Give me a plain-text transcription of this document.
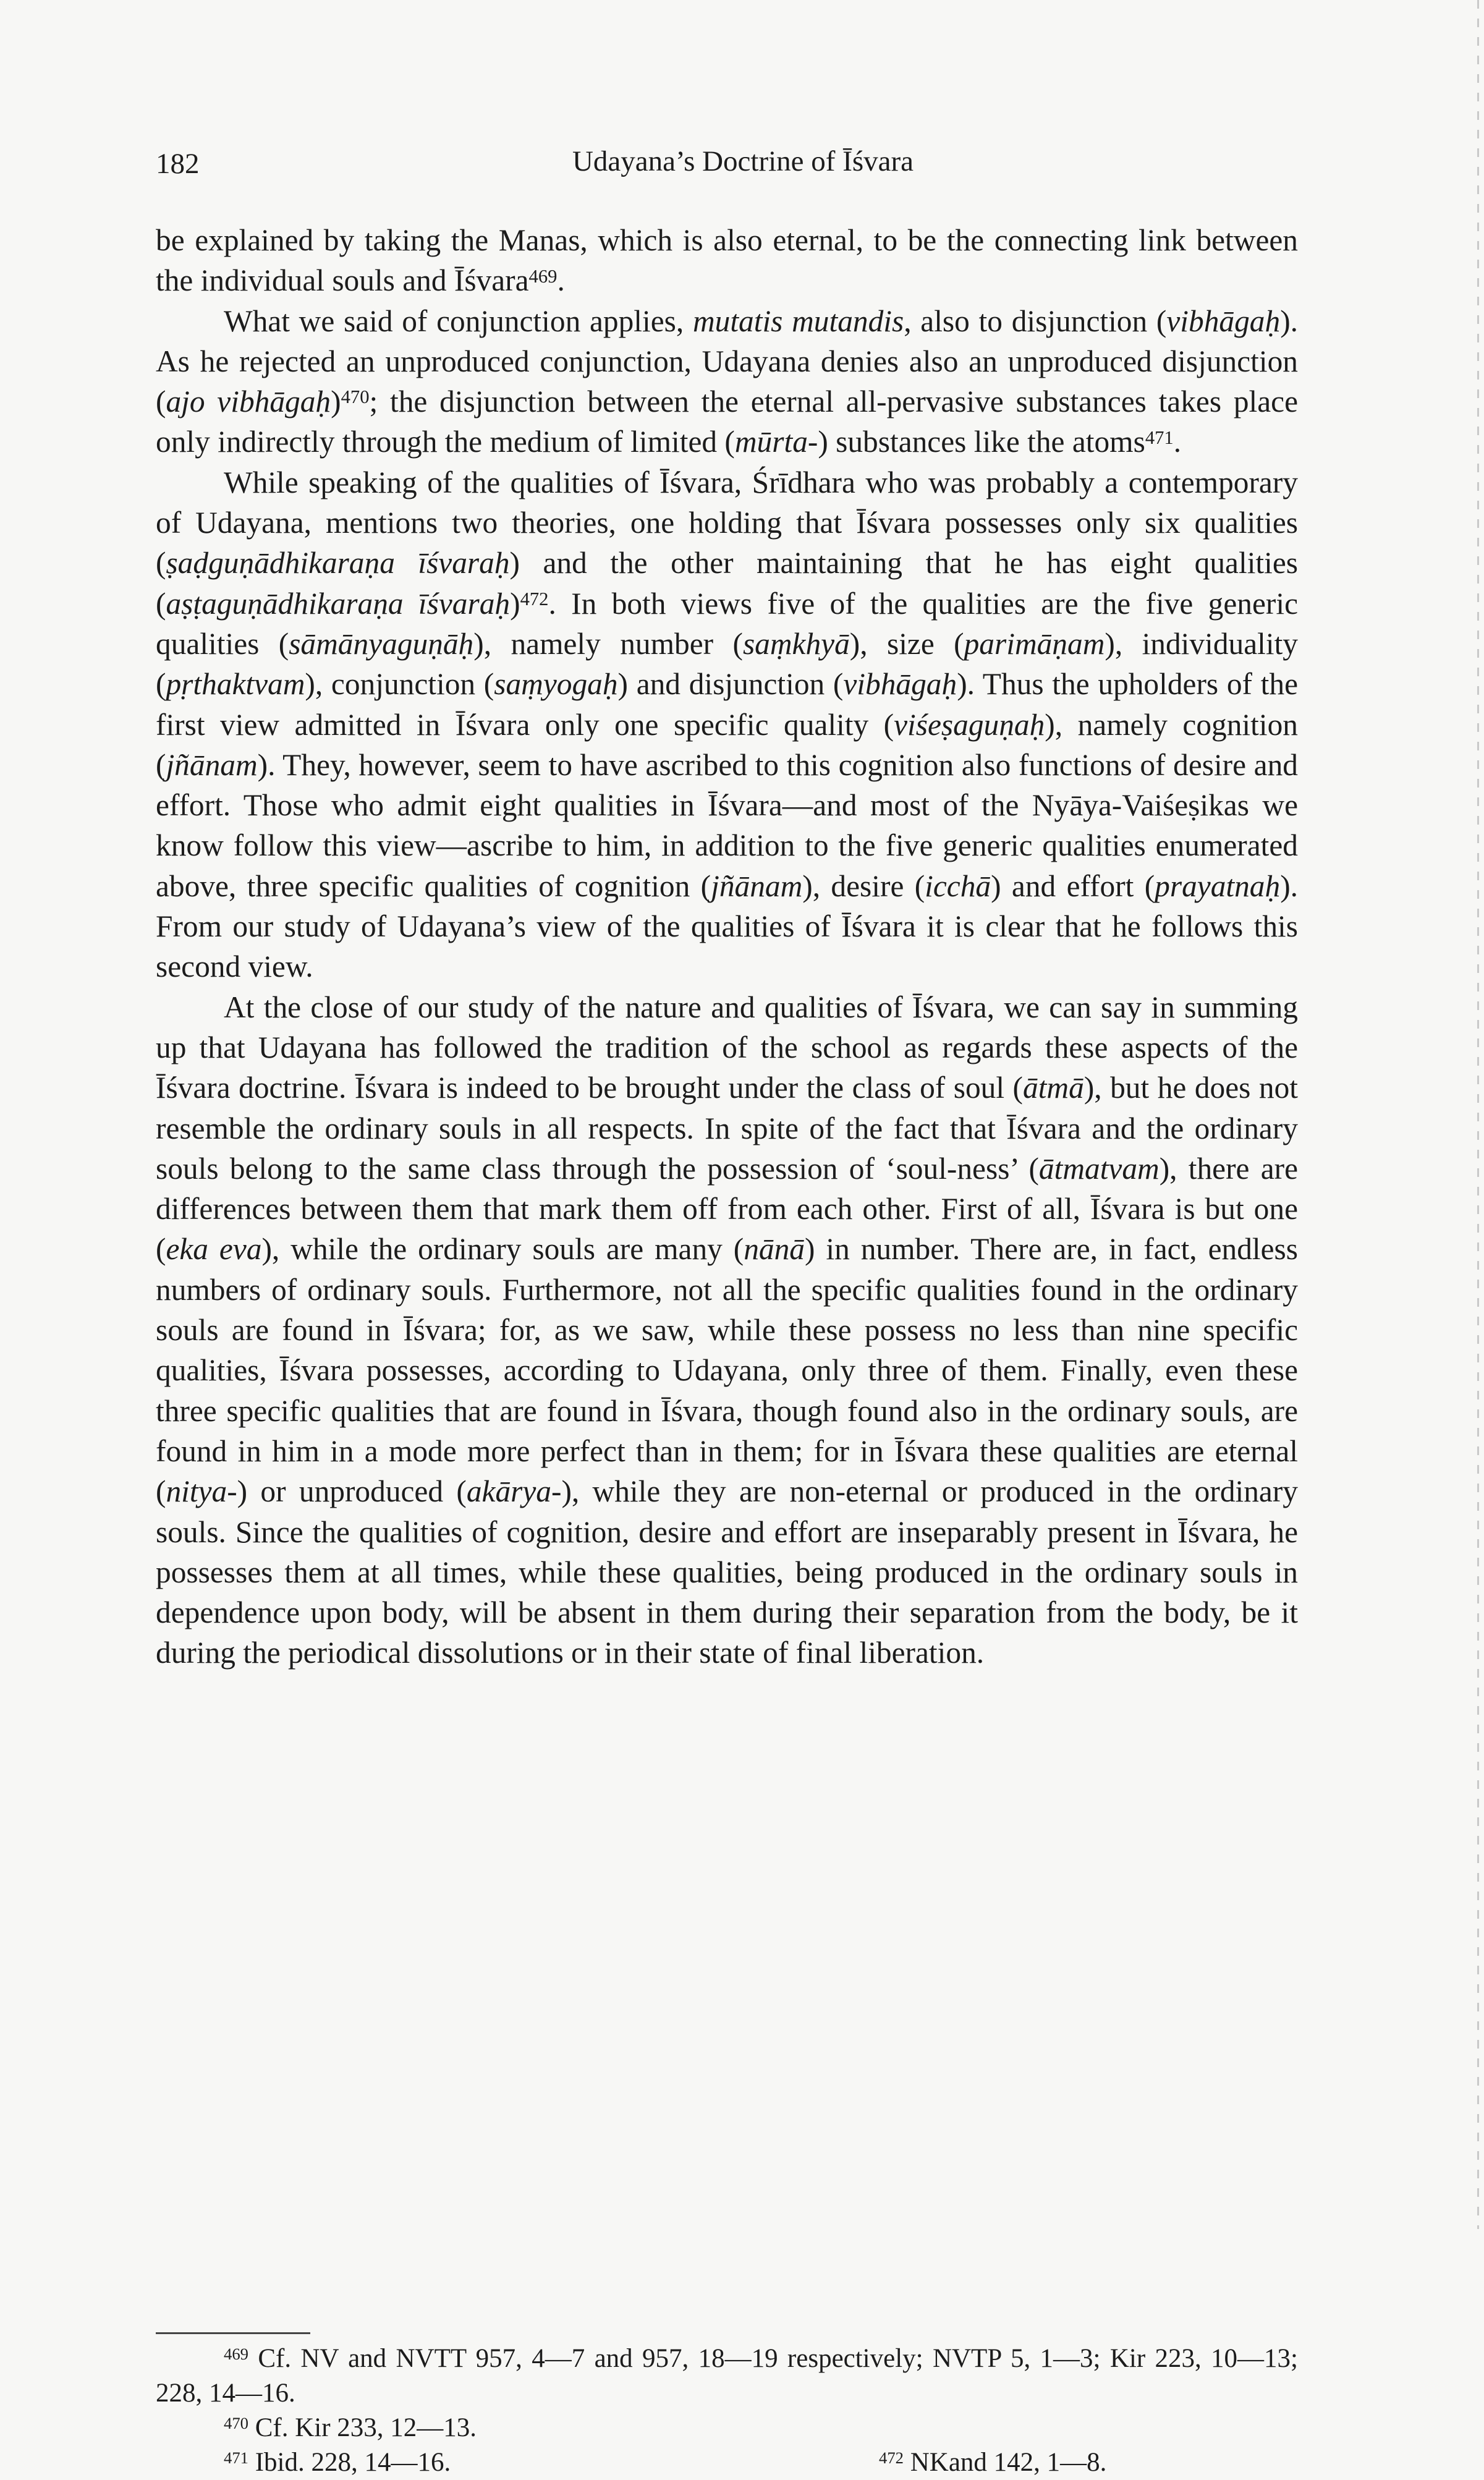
182	Udayana’s Doctrine of Īśvara

be explained by taking the Manas, which is also eternal, to be the connecting link between the individual souls and Īśvara$^{469}$.

What we said of conjunction applies, mutatis mutandis, also to disjunction (vibhāgaḥ). As he rejected an unproduced conjunction, Udayana denies also an unproduced disjunction (ajo vibhāgaḥ)$^{470}$; the disjunction between the eternal all-pervasive substances takes place only indirectly through the medium of limited (mūrta-) substances like the atoms$^{471}$.

While speaking of the qualities of Īśvara, Śrīdhara who was probably a contemporary of Udayana, mentions two theories, one holding that Īśvara possesses only six qualities (ṣaḍguṇādhikaraṇa īśvaraḥ) and the other maintaining that he has eight qualities (aṣṭaguṇādhikaraṇa īśvaraḥ)$^{472}$. In both views five of the qualities are the five generic qualities (sāmānyaguṇāḥ), namely number (saṃkhyā), size (parimāṇam), individuality (pṛthaktvam), conjunction (saṃyogaḥ) and disjunction (vibhāgaḥ). Thus the upholders of the first view admitted in Īśvara only one specific quality (viśeṣaguṇaḥ), namely cognition (jñānam). They, however, seem to have ascribed to this cognition also functions of desire and effort. Those who admit eight qualities in Īśvara—and most of the Nyāya-Vaiśeṣikas we know follow this view—ascribe to him, in addition to the five generic qualities enumerated above, three specific qualities of cognition (jñānam), desire (icchā) and effort (prayatnaḥ). From our study of Udayana’s view of the qualities of Īśvara it is clear that he follows this second view.

At the close of our study of the nature and qualities of Īśvara, we can say in summing up that Udayana has followed the tradition of the school as regards these aspects of the Īśvara doctrine. Īśvara is indeed to be brought under the class of soul (ātmā), but he does not resemble the ordinary souls in all respects. In spite of the fact that Īśvara and the ordinary souls belong to the same class through the possession of ‘soul-ness’ (ātmatvam), there are differences between them that mark them off from each other. First of all, Īśvara is but one (eka eva), while the ordinary souls are many (nānā) in number. There are, in fact, endless numbers of ordinary souls. Furthermore, not all the specific qualities found in the ordinary souls are found in Īśvara; for, as we saw, while these possess no less than nine specific qualities, Īśvara possesses, according to Udayana, only three of them. Finally, even these three specific qualities that are found in Īśvara, though found also in the ordinary souls, are found in him in a mode more perfect than in them; for in Īśvara these qualities are eternal (nitya-) or unproduced (akārya-), while they are non-eternal or produced in the ordinary souls. Since the qualities of cognition, desire and effort are inseparably present in Īśvara, he possesses them at all times, while these qualities, being produced in the ordinary souls in dependence upon body, will be absent in them during their separation from the body, be it during the periodical dissolutions or in their state of final liberation.

$^{469}$ Cf. NV and NVTT 957, 4—7 and 957, 18—19 respectively; NVTP 5, 1—3; Kir 223, 10—13; 228, 14—16.

$^{470}$ Cf. Kir 233, 12—13.

$^{471}$ Ibid. 228, 14—16.	$^{472}$ NKand 142, 1—8.
